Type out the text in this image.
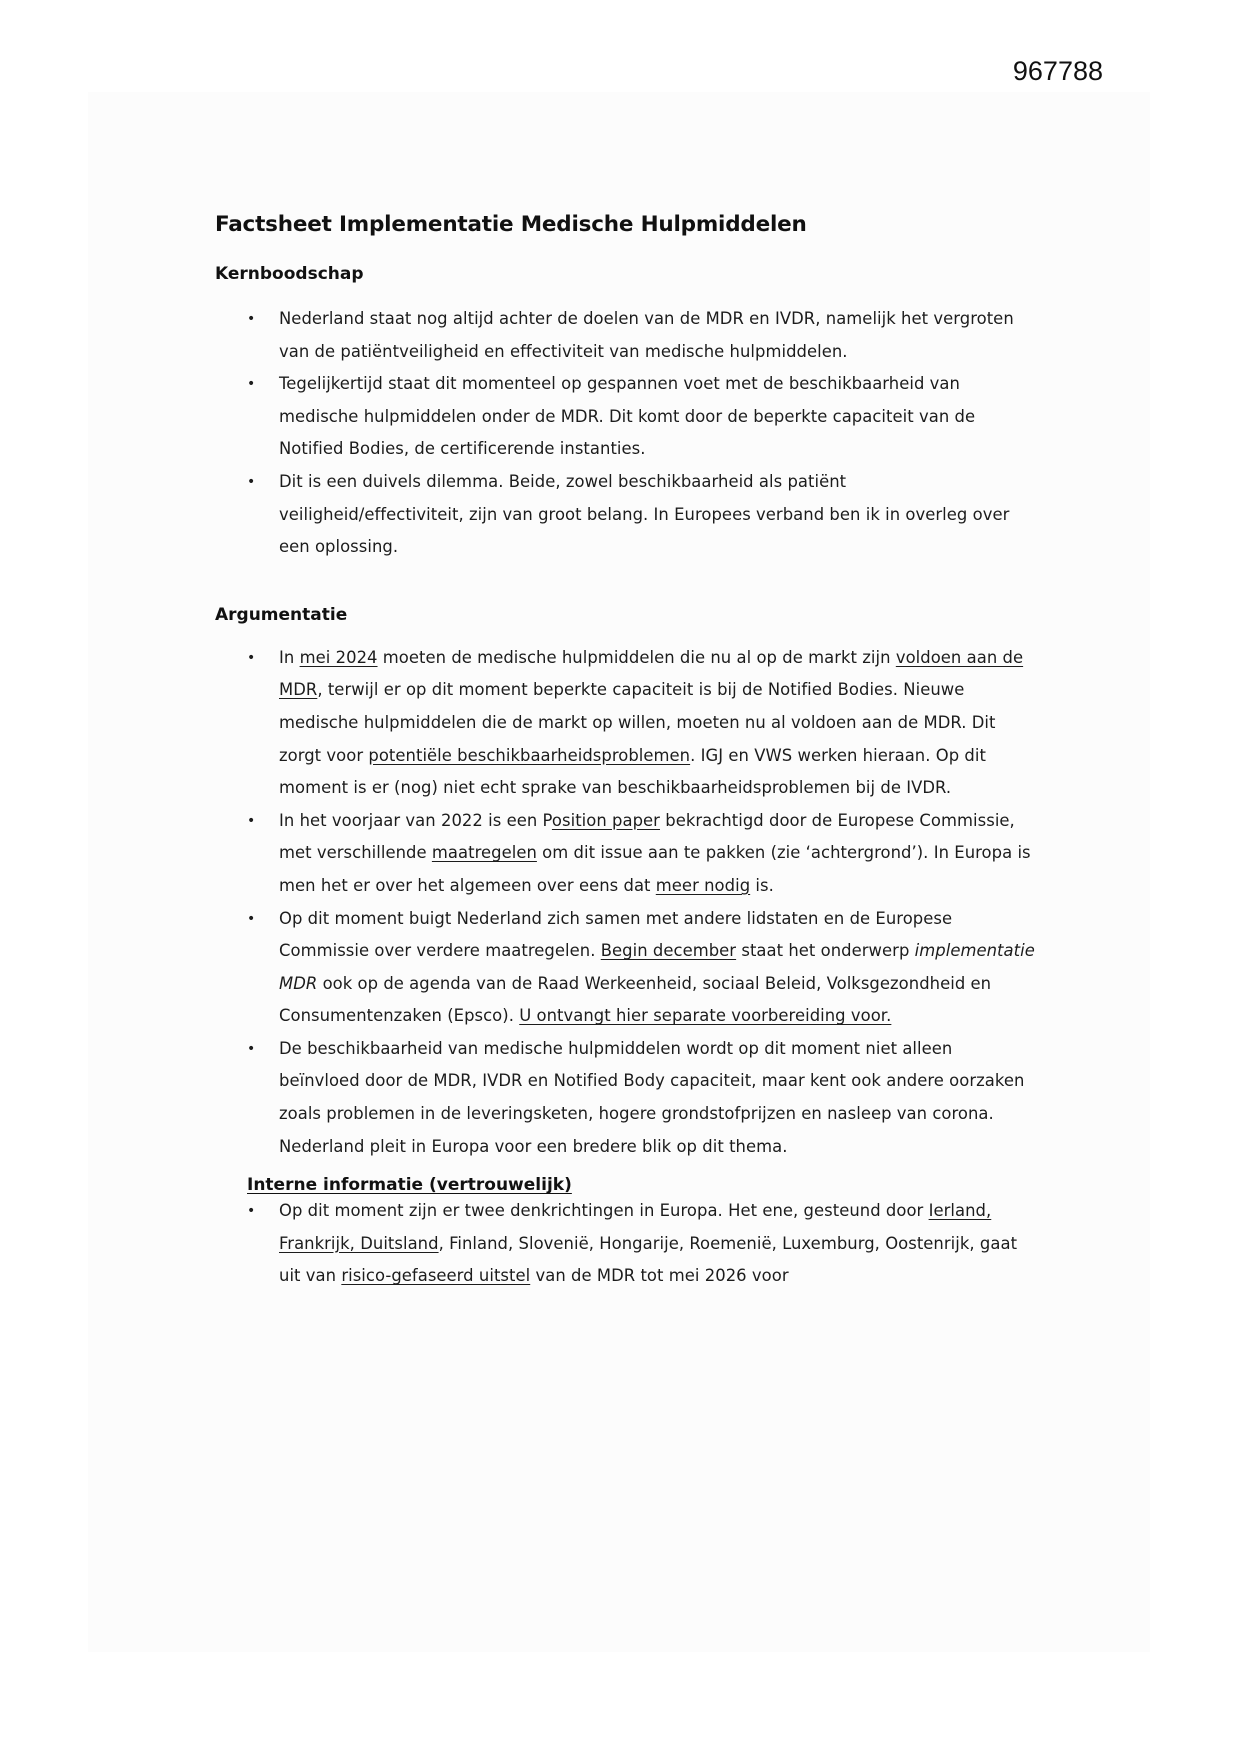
967788
Factsheet Implementatie Medische Hulpmiddelen
Kernboodschap
• Nederland staat nog altijd achter de doelen van de MDR en IVDR, namelijk het vergroten van de patiëntveiligheid en effectiviteit van medische hulpmiddelen.
• Tegelijkertijd staat dit momenteel op gespannen voet met de beschikbaarheid van medische hulpmiddelen onder de MDR. Dit komt door de beperkte capaciteit van de Notified Bodies, de certificerende instanties.
• Dit is een duivels dilemma. Beide, zowel beschikbaarheid als patiënt veiligheid/effectiviteit, zijn van groot belang. In Europees verband ben ik in overleg over een oplossing.
Argumentatie
• In mei 2024 moeten de medische hulpmiddelen die nu al op de markt zijn voldoen aan de MDR, terwijl er op dit moment beperkte capaciteit is bij de Notified Bodies. Nieuwe medische hulpmiddelen die de markt op willen, moeten nu al voldoen aan de MDR. Dit zorgt voor potentiële beschikbaarheidsproblemen. IGJ en VWS werken hieraan. Op dit moment is er (nog) niet echt sprake van beschikbaarheidsproblemen bij de IVDR.
• In het voorjaar van 2022 is een Position paper bekrachtigd door de Europese Commissie, met verschillende maatregelen om dit issue aan te pakken (zie ‘achtergrond’). In Europa is men het er over het algemeen over eens dat meer nodig is.
• Op dit moment buigt Nederland zich samen met andere lidstaten en de Europese Commissie over verdere maatregelen. Begin december staat het onderwerp implementatie MDR ook op de agenda van de Raad Werkeenheid, sociaal Beleid, Volksgezondheid en Consumentenzaken (Epsco). U ontvangt hier separate voorbereiding voor.
• De beschikbaarheid van medische hulpmiddelen wordt op dit moment niet alleen beïnvloed door de MDR, IVDR en Notified Body capaciteit, maar kent ook andere oorzaken zoals problemen in de leveringsketen, hogere grondstofprijzen en nasleep van corona. Nederland pleit in Europa voor een bredere blik op dit thema.
Interne informatie (vertrouwelijk)
• Op dit moment zijn er twee denkrichtingen in Europa. Het ene, gesteund door Ierland, Frankrijk, Duitsland, Finland, Slovenië, Hongarije, Roemenië, Luxemburg, Oostenrijk, gaat uit van risico-gefaseerd uitstel van de MDR tot mei 2026 voor
